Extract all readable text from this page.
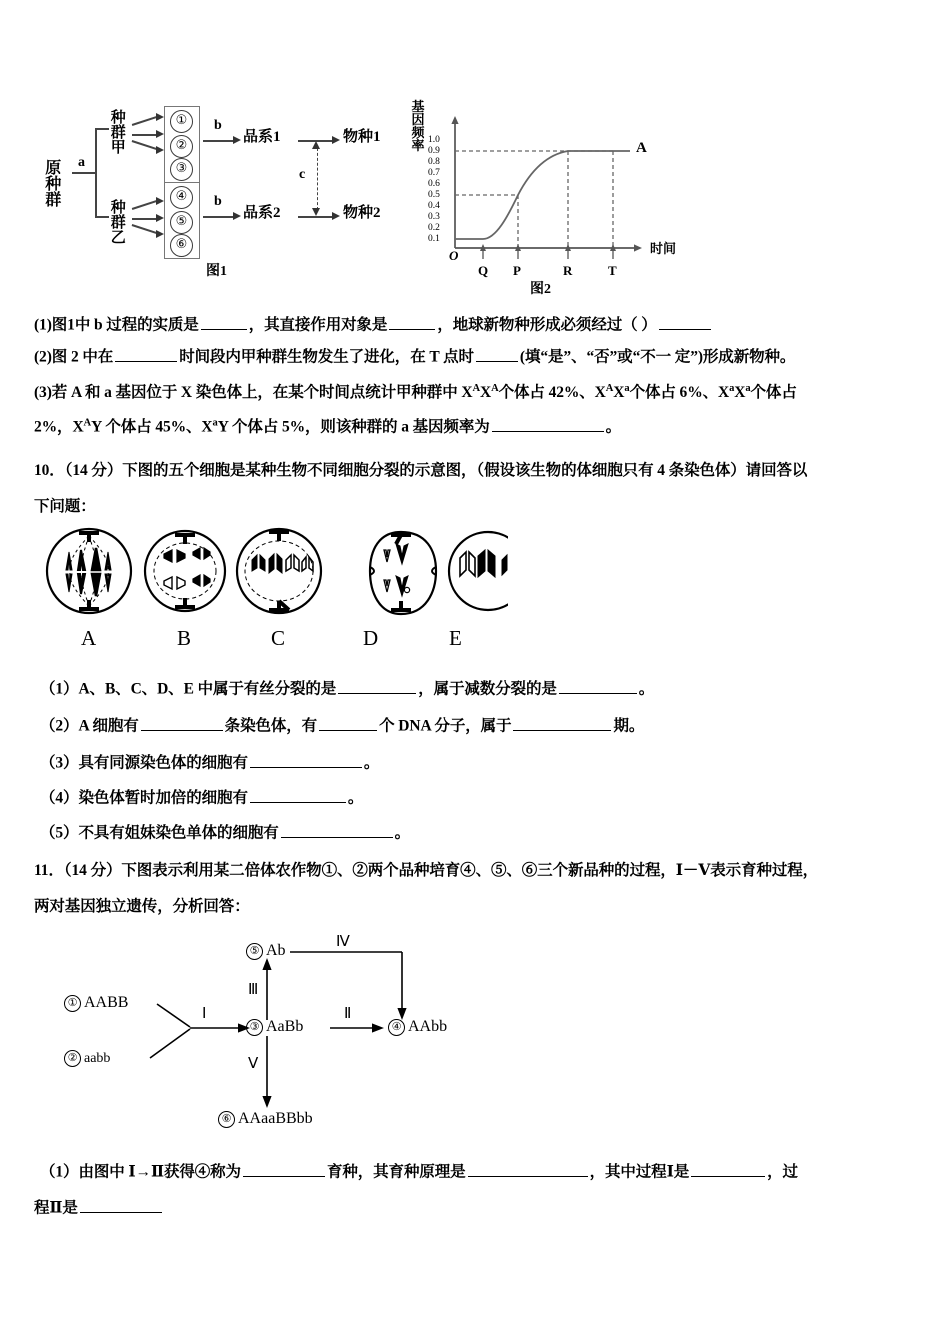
原种群 a
种群甲
种群乙
①
②
③
④
⑤
⑥
b
b
品系1
品系2
物种1
物种2
c
图1
基因频率 1.0
0.9
0.8
0.7
0.6
0.5
0.4
0.3
0.2
0.1
O
A
时间
Q P	R	T
图2
(1)图1中 b 过程的实质是	，其直接作用对象是	，地球新物种形成必须经过（ ）
(2)图 2 中在	时间段内甲种群生物发生了进化，在 T 点时	(填“是”、“否”或“不一 定”)形成新物种。
(3)若 A 和 a 基因位于 X 染色体上，在某个时间点统计甲种群中 $X^AX^A$个体占 42%、$X^AX^a$个体占 6%、$X^aX^a$个体占
2%，$X^AY$ 个体占 45%、$X^aY$ 个体占 5%，则该种群的 a 基因频率为	。
10．（14 分）下图的五个细胞是某种生物不同细胞分裂的示意图，（假设该生物的体细胞只有 4 条染色体）请回答以
下问题：
A	B	C	D	E
（1）A、B、C、D、E 中属于有丝分裂的是	，属于减数分裂的是	。
（2）A 细胞有	条染色体，有	个 DNA 分子，属于	期。
（3）具有同源染色体的细胞有	。
（4）染色体暂时加倍的细胞有	。
（5）不具有姐妹染色单体的细胞有	。
11．（14 分）下图表示利用某二倍体农作物①、②两个品种培育④、⑤、⑥三个新品种的过程，Ⅰ－Ⅴ表示育种过程，
两对基因独立遗传，分析回答：
① AABB
② aabb
③ AaBb	④ AAbb
⑤ Ab
⑥ AAaaBBbb
Ⅰ	Ⅱ
Ⅲ
Ⅳ
Ⅴ
（1）由图中 Ⅰ→Ⅱ获得④称为	育种，其育种原理是	，其中过程Ⅰ是	，过
程Ⅱ是
